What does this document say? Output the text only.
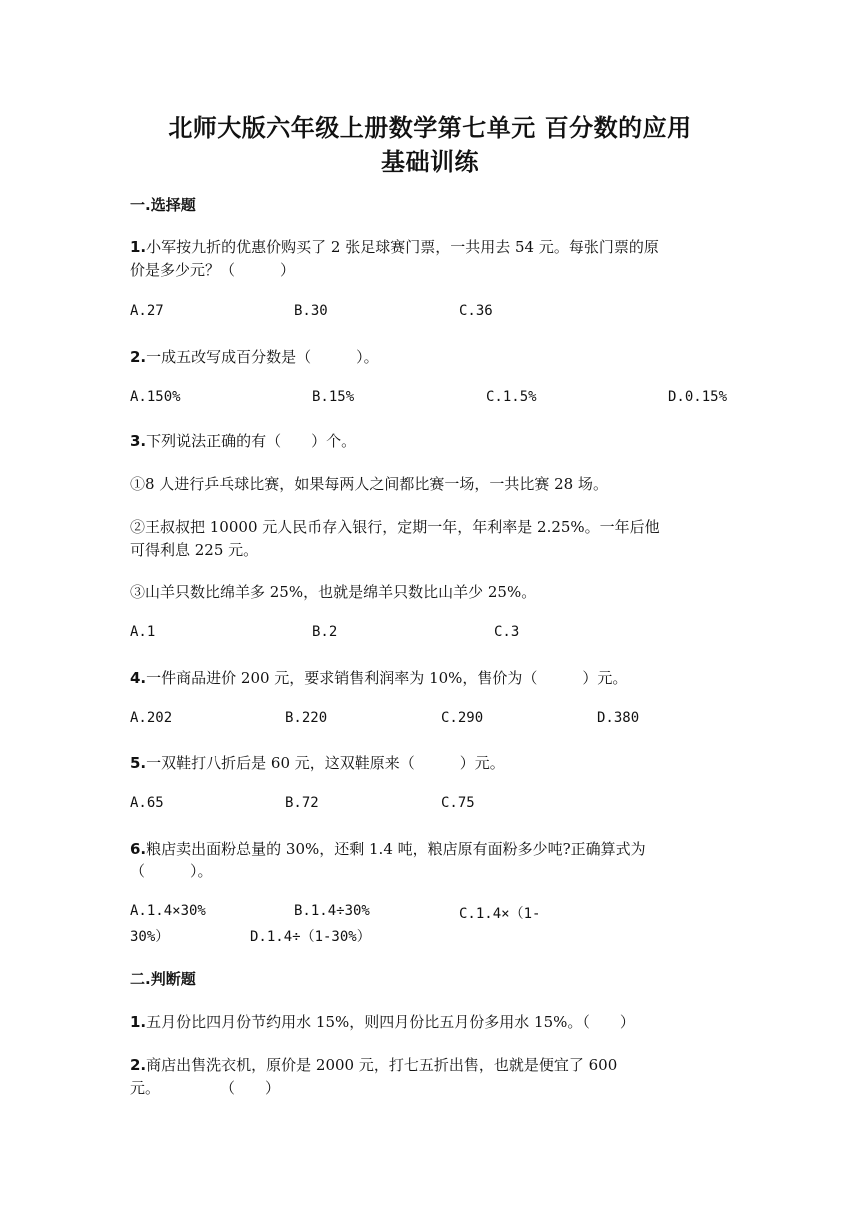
北师大版六年级上册数学第七单元 百分数的应用
基础训练
一.选择题
1.小军按九折的优惠价购买了 2 张足球赛门票，一共用去 54 元。每张门票的原
价是多少元？（　　　）
A.27	B.30	C.36
2.一成五改写成百分数是（　　　）。
A.150%	B.15%	C.1.5%	D.0.15%
3.下列说法正确的有（　　）个。
①8 人进行乒乓球比赛，如果每两人之间都比赛一场，一共比赛 28 场。
②王叔叔把 10000 元人民币存入银行，定期一年，年利率是 2.25%。一年后他
可得利息 225 元。
③山羊只数比绵羊多 25%，也就是绵羊只数比山羊少 25%。
A.1	B.2	C.3
4.一件商品进价 200 元，要求销售利润率为 10%，售价为（　　　）元。
A.202	B.220	C.290	D.380
5.一双鞋打八折后是 60 元，这双鞋原来（　　　）元。
A.65	B.72	C.75
6.粮店卖出面粉总量的 30%，还剩 1.4 吨，粮店原有面粉多少吨?正确算式为
（　　　）。
A.1.4×30%	B.1.4÷30%	C.1.4×（1-
30%）	D.1.4÷（1-30%）
二.判断题
1.五月份比四月份节约用水 15%，则四月份比五月份多用水 15%。（　　）
2.商店出售洗衣机，原价是 2000 元，打七五折出售，也就是便宜了 600
元。　　　　　（　　）
